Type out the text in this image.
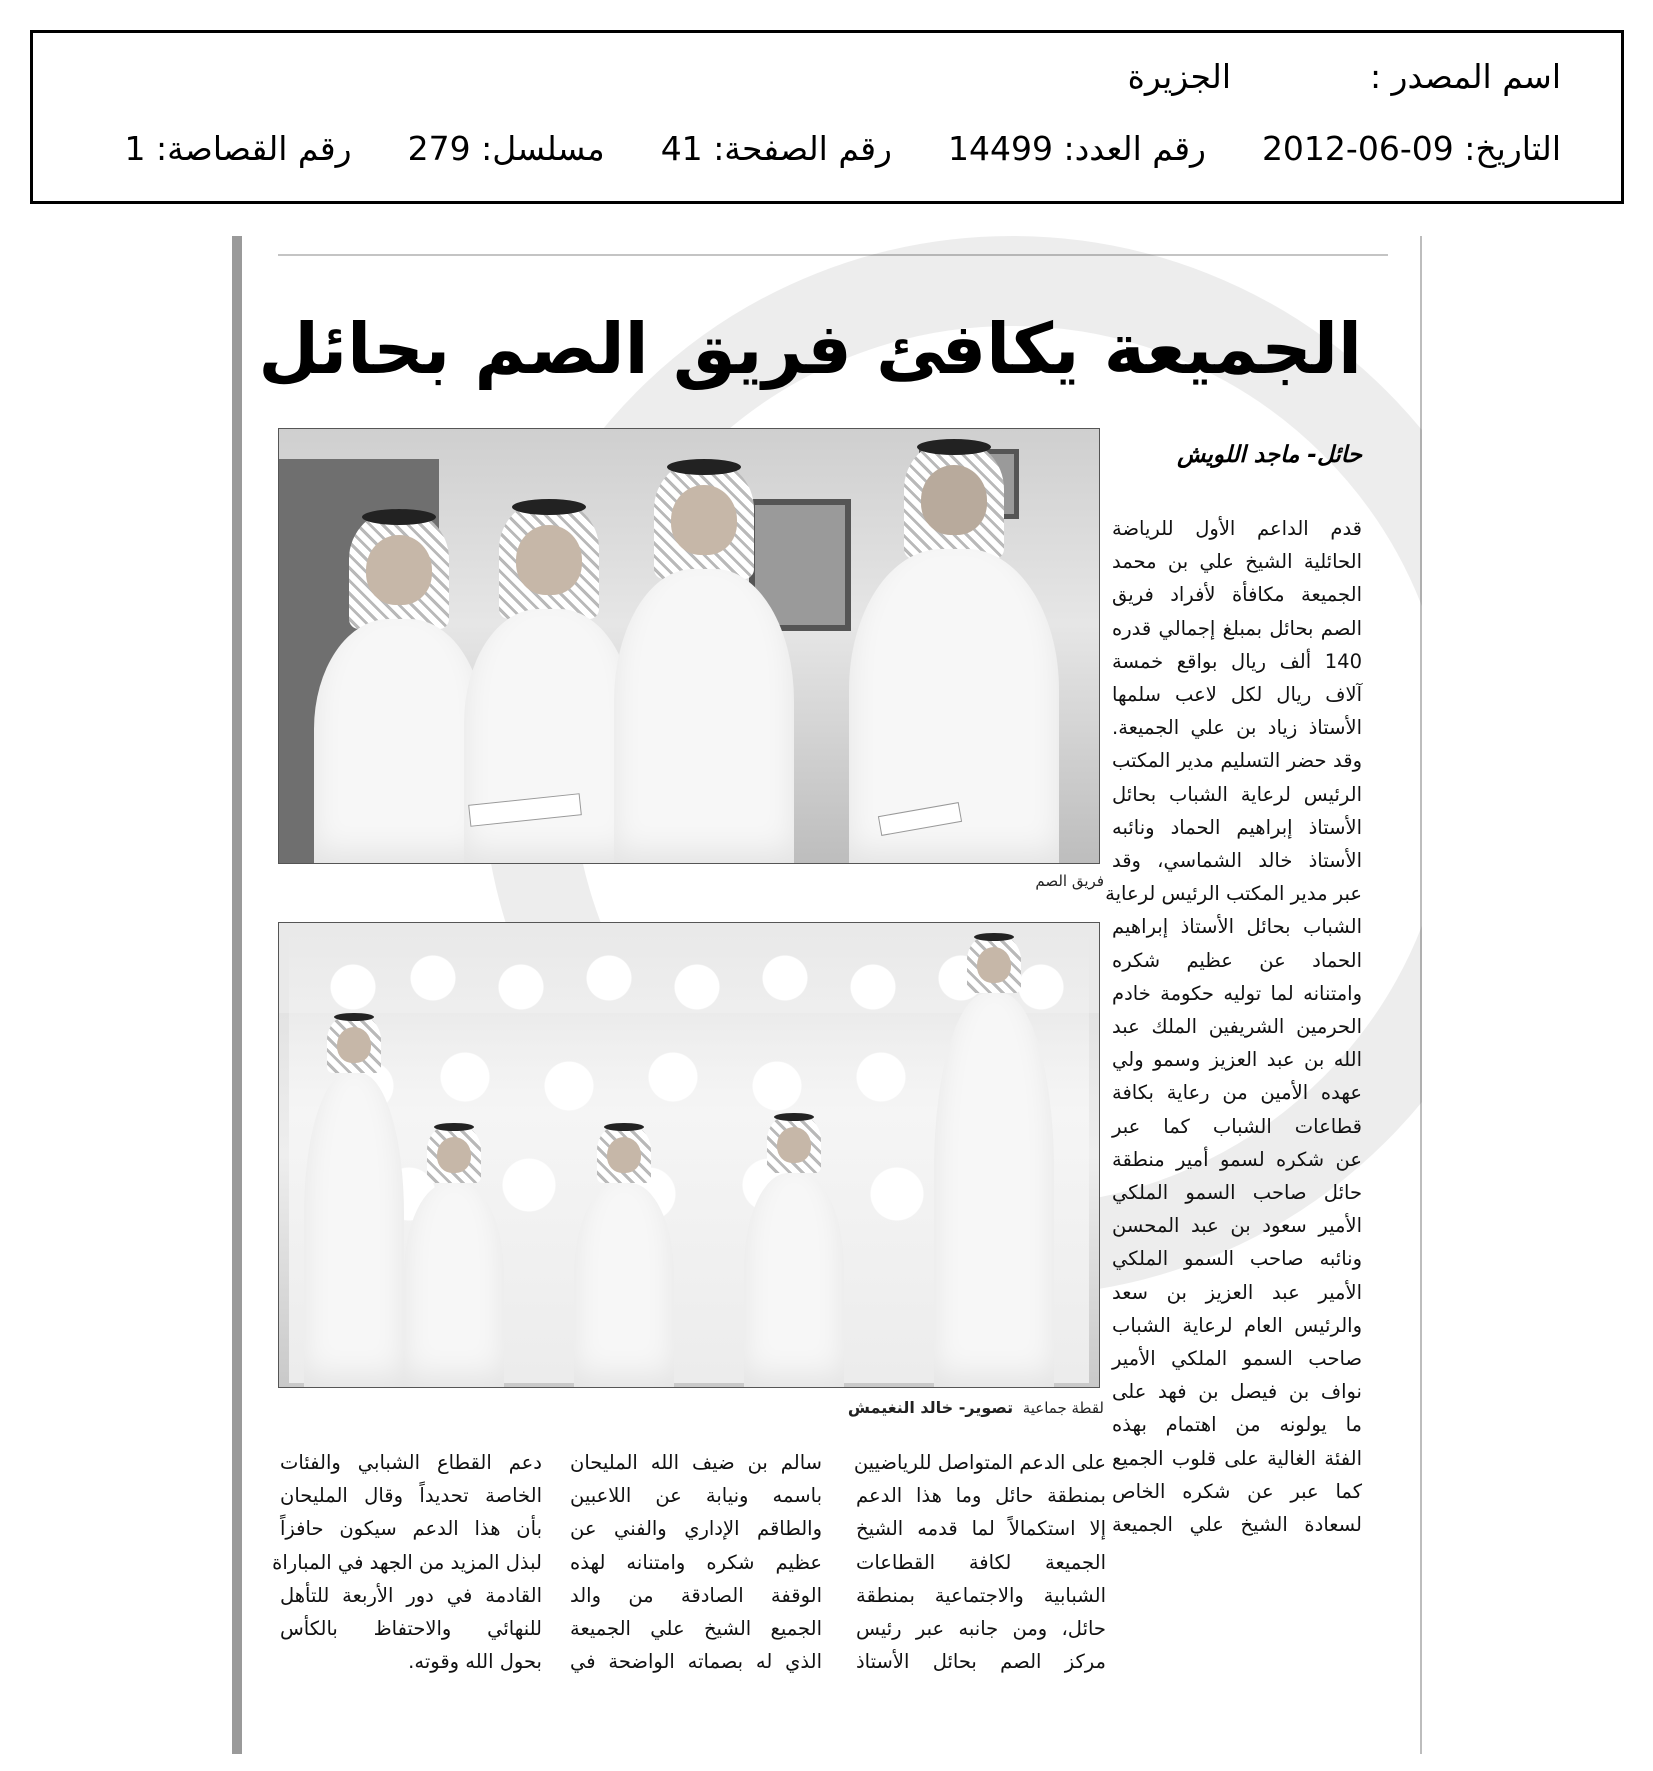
اسم المصدر :
الجزيرة
التاريخ: 2012-06-09
رقم العدد: 14499
رقم الصفحة: 41
مسلسل: 279
رقم القصاصة: 1
الجميعة يكافئ فريق الصم بحائل
فريق الصم
لقطة جماعية  تصوير- خالد النغيمش
حائل- ماجد اللويش

قدم الداعم الأول للرياضة

الحائلية الشيخ علي بن محمد

الجميعة مكافأة لأفراد فريق

الصم بحائل بمبلغ إجمالي قدره

140 ألف ريال بواقع خمسة

آلاف ريال لكل لاعب سلمها

الأستاذ زياد بن علي الجميعة.

وقد حضر التسليم مدير المكتب

الرئيس لرعاية الشباب بحائل

الأستاذ إبراهيم الحماد ونائبه

الأستاذ خالد الشماسي، وقد

عبر مدير المكتب الرئيس لرعاية

الشباب بحائل الأستاذ إبراهيم

الحماد عن عظيم شكره

وامتنانه لما توليه حكومة خادم

الحرمين الشريفين الملك عبد

الله بن عبد العزيز وسمو ولي

عهده الأمين من رعاية بكافة

قطاعات الشباب كما عبر

عن شكره لسمو أمير منطقة

حائل صاحب السمو الملكي

الأمير سعود بن عبد المحسن

ونائبه صاحب السمو الملكي

الأمير عبد العزيز بن سعد

والرئيس العام لرعاية الشباب

صاحب السمو الملكي الأمير

نواف بن فيصل بن فهد على

ما يولونه من اهتمام بهذه

الفئة الغالية على قلوب الجميع

كما عبر عن شكره الخاص

لسعادة الشيخ علي الجميعة

على الدعم المتواصل للرياضيين

بمنطقة حائل وما هذا الدعم

إلا استكمالاً لما قدمه الشيخ

الجميعة لكافة القطاعات

الشبابية والاجتماعية بمنطقة

حائل، ومن جانبه عبر رئيس

مركز الصم بحائل الأستاذ

سالم بن ضيف الله المليحان

باسمه ونيابة عن اللاعبين

والطاقم الإداري والفني عن

عظيم شكره وامتنانه لهذه

الوقفة الصادقة من والد

الجميع الشيخ علي الجميعة

الذي له بصماته الواضحة في

دعم القطاع الشبابي والفئات

الخاصة تحديداً وقال المليحان

بأن هذا الدعم سيكون حافزاً

لبذل المزيد من الجهد في المباراة

القادمة في دور الأربعة للتأهل

للنهائي والاحتفاظ بالكأس

بحول الله وقوته.
